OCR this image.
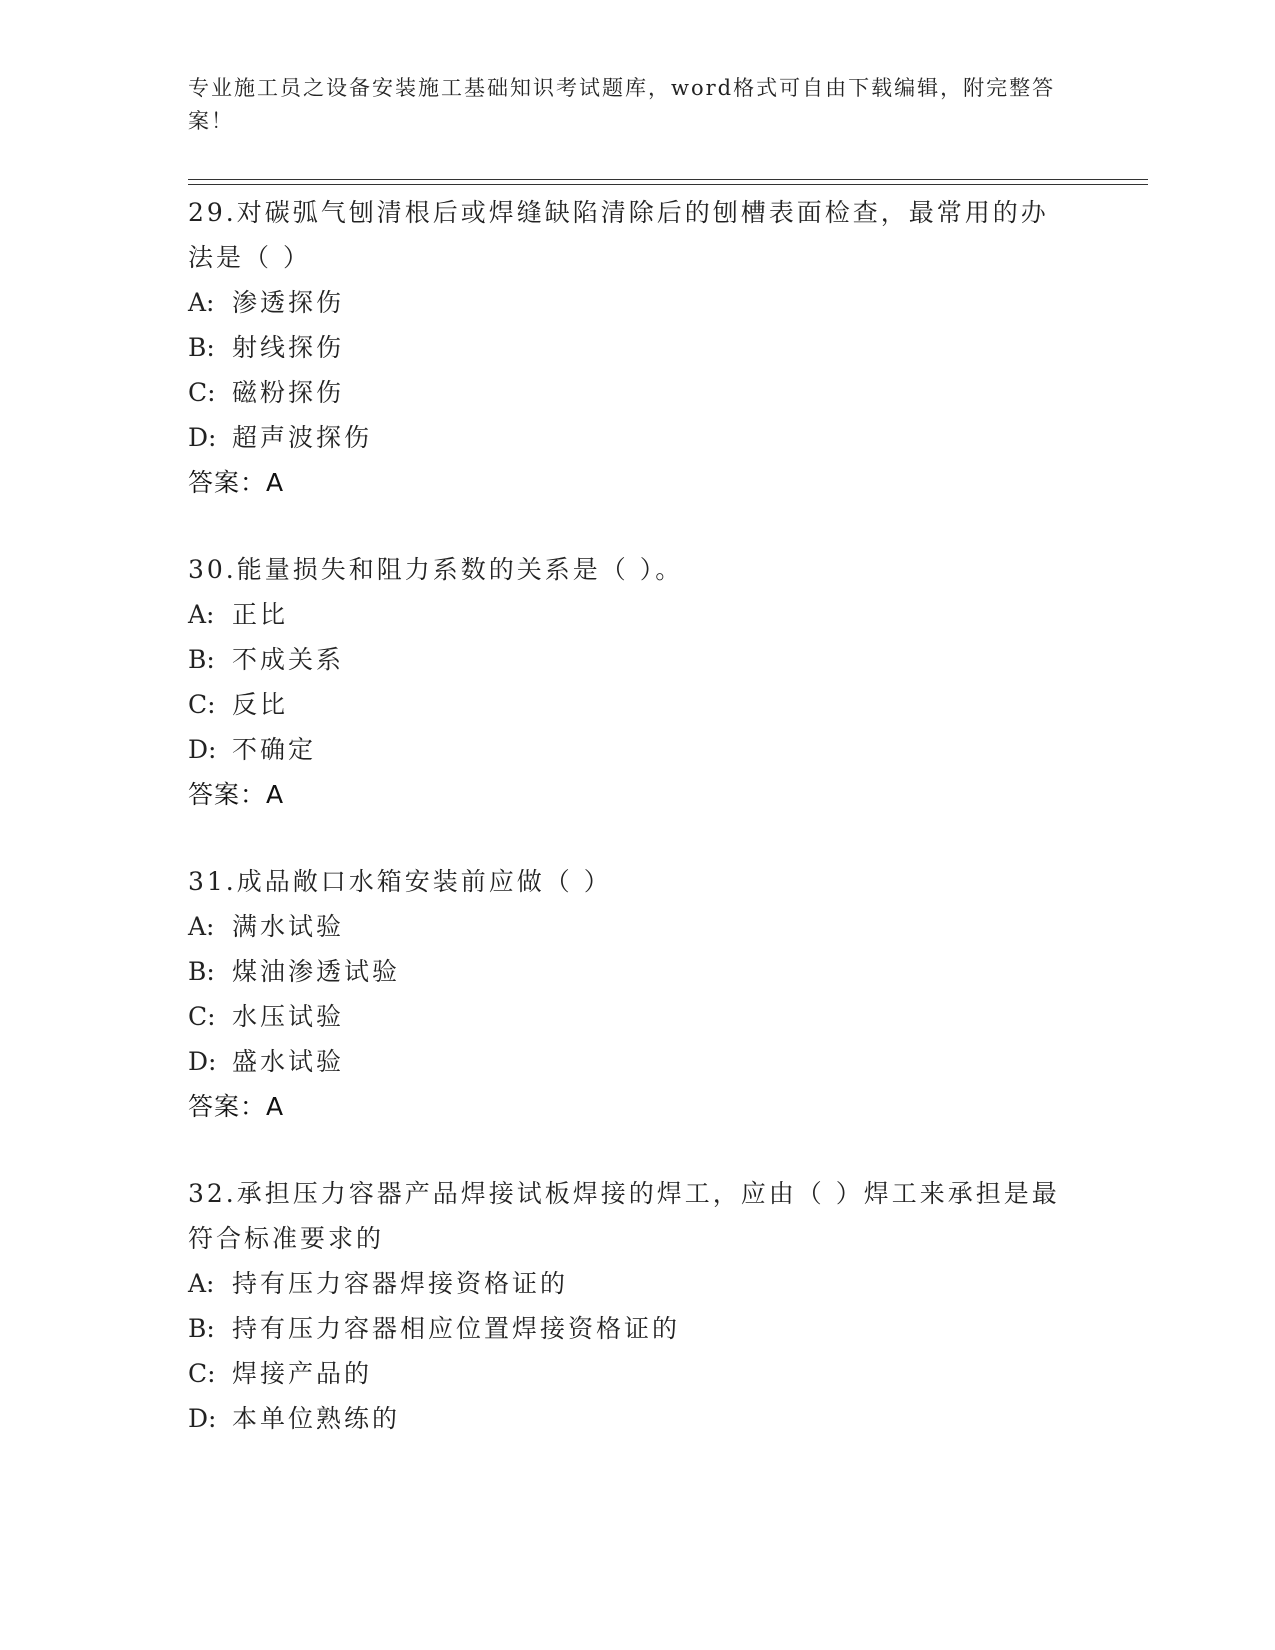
专业施工员之设备安装施工基础知识考试题库，word格式可自由下载编辑，附完整答案！
29.对碳弧气刨清根后或焊缝缺陷清除后的刨槽表面检查，最常用的办法是（ ）
A: 渗透探伤
B: 射线探伤
C: 磁粉探伤
D: 超声波探伤
答案：A
30.能量损失和阻力系数的关系是（ ）。
A: 正比
B: 不成关系
C: 反比
D: 不确定
答案：A
31.成品敞口水箱安装前应做（ ）
A: 满水试验
B: 煤油渗透试验
C: 水压试验
D: 盛水试验
答案：A
32.承担压力容器产品焊接试板焊接的焊工，应由（ ）焊工来承担是最符合标准要求的
A: 持有压力容器焊接资格证的
B: 持有压力容器相应位置焊接资格证的
C: 焊接产品的
D: 本单位熟练的
